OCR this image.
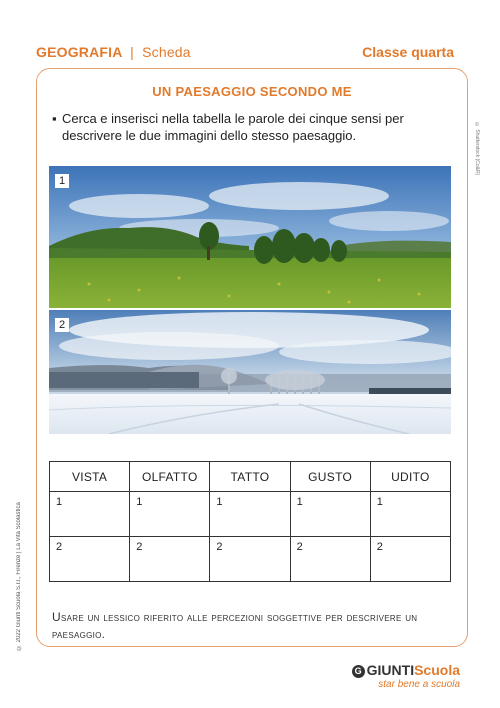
GEOGRAFIA | Scheda	Classe quarta
UN PAESAGGIO SECONDO ME
▪ Cerca e inserisci nella tabella le parole dei cinque sensi per descrivere le due immagini dello stesso paesaggio.	© Shutterstock (Co&R)
© 2022 Giunti Scuola S.r.l., Firenze | La Vita Scolastica
1
2
VISTA	OLFATTO	TATTO	GUSTO	UDITO
1	1	1	1	1
2	2	2	2	2
Usare un lessico riferito alle percezioni soggettive per descrivere un paesaggio.
G GIUNTIScuola
star bene a scuola
